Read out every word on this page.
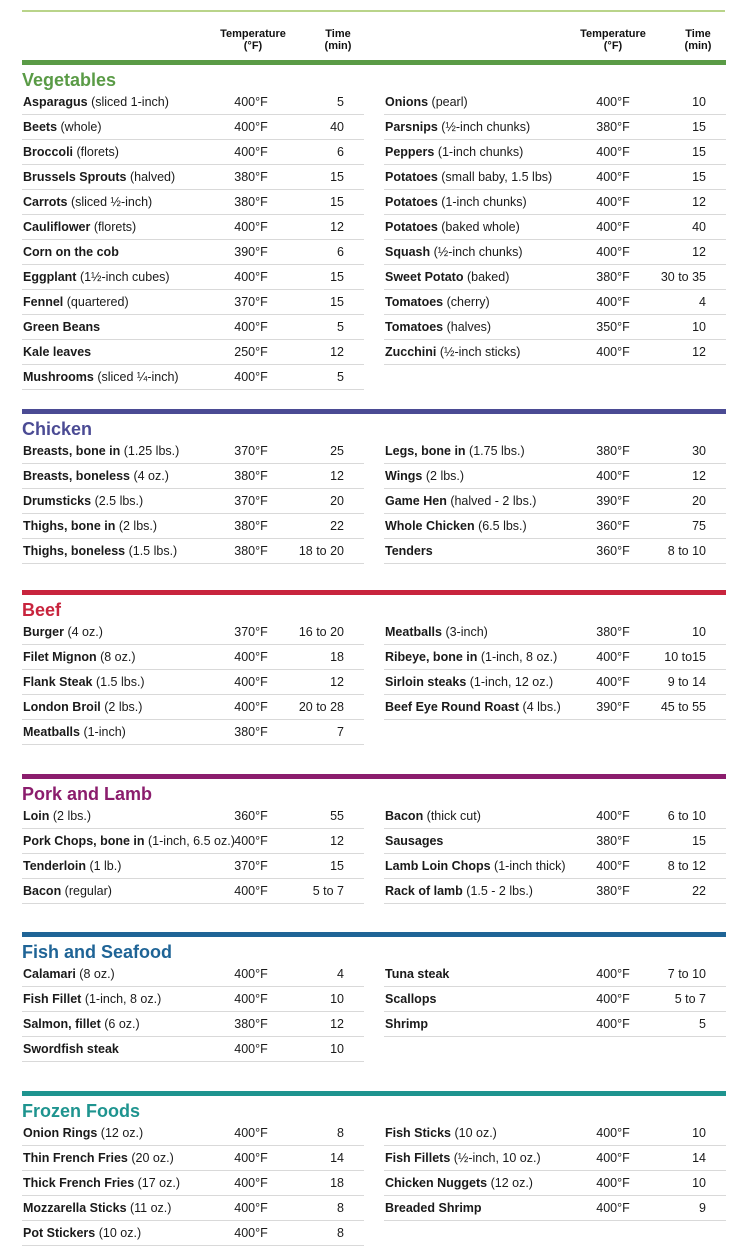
Temperature
(°F)
Time
(min)
Temperature
(°F)
Time
(min)
Vegetables
Asparagus (sliced 1-inch)	400°F	5
Beets (whole)	400°F	40
Broccoli (florets)	400°F	6
Brussels Sprouts (halved)	380°F	15
Carrots (sliced ½-inch)	380°F	15
Cauliflower (florets)	400°F	12
Corn on the cob	390°F	6
Eggplant (1½-inch cubes)	400°F	15
Fennel (quartered)	370°F	15
Green Beans	400°F	5
Kale leaves	250°F	12
Mushrooms (sliced ¼-inch)	400°F	5
Onions (pearl)	400°F	10
Parsnips (½-inch chunks)	380°F	15
Peppers (1-inch chunks)	400°F	15
Potatoes (small baby, 1.5 lbs)	400°F	15
Potatoes (1-inch chunks)	400°F	12
Potatoes (baked whole)	400°F	40
Squash (½-inch chunks)	400°F	12
Sweet Potato (baked)	380°F	30 to 35
Tomatoes (cherry)	400°F	4
Tomatoes (halves)	350°F	10
Zucchini (½-inch sticks)	400°F	12
Chicken
Breasts, bone in (1.25 lbs.)	370°F	25
Breasts, boneless (4 oz.)	380°F	12
Drumsticks (2.5 lbs.)	370°F	20
Thighs, bone in (2 lbs.)	380°F	22
Thighs, boneless (1.5 lbs.)	380°F	18 to 20
Legs, bone in (1.75 lbs.)	380°F	30
Wings (2 lbs.)	400°F	12
Game Hen (halved - 2 lbs.)	390°F	20
Whole Chicken (6.5 lbs.)	360°F	75
Tenders	360°F	8 to 10
Beef
Burger (4 oz.)	370°F	16 to 20
Filet Mignon (8 oz.)	400°F	18
Flank Steak (1.5 lbs.)	400°F	12
London Broil (2 lbs.)	400°F	20 to 28
Meatballs (1-inch)	380°F	7
Meatballs (3-inch)	380°F	10
Ribeye, bone in (1-inch, 8 oz.)	400°F	10 to15
Sirloin steaks (1-inch, 12 oz.)	400°F	9 to 14
Beef Eye Round Roast (4 lbs.)	390°F	45 to 55
Pork and Lamb
Loin (2 lbs.)	360°F	55
Pork Chops, bone in (1-inch, 6.5 oz.) 400°F	12
Tenderloin (1 lb.)	370°F	15
Bacon (regular)	400°F	5 to 7
Bacon (thick cut)	400°F	6 to 10
Sausages	380°F	15
Lamb Loin Chops (1-inch thick)	400°F	8 to 12
Rack of lamb (1.5 - 2 lbs.)	380°F	22
Fish and Seafood
Calamari (8 oz.)	400°F	4
Fish Fillet (1-inch, 8 oz.)	400°F	10
Salmon, fillet (6 oz.)	380°F	12
Swordfish steak	400°F	10
Tuna steak	400°F	7 to 10
Scallops	400°F	5 to 7
Shrimp	400°F	5
Frozen Foods
Onion Rings (12 oz.)	400°F	8
Thin French Fries (20 oz.)	400°F	14
Thick French Fries (17 oz.)	400°F	18
Mozzarella Sticks (11 oz.)	400°F	8
Pot Stickers (10 oz.)	400°F	8
Fish Sticks (10 oz.)	400°F	10
Fish Fillets (½-inch, 10 oz.)	400°F	14
Chicken Nuggets (12 oz.)	400°F	10
Breaded Shrimp	400°F	9
